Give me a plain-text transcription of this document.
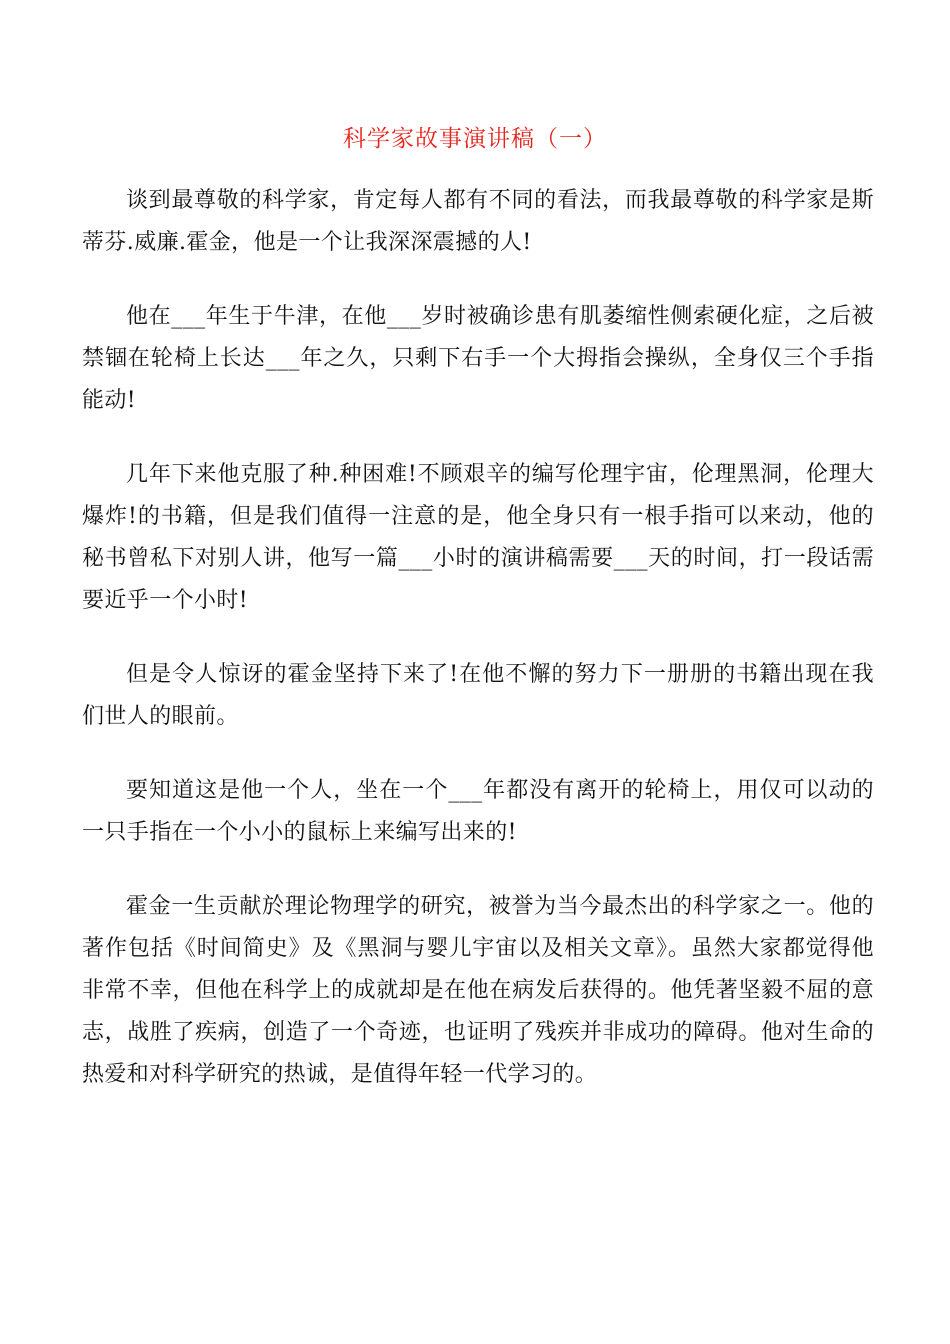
科学家故事演讲稿（一）

谈到最尊敬的科学家，肯定每人都有不同的看法，而我最尊敬的科学家是斯蒂芬.威廉.霍金，他是一个让我深深震撼的人!

他在___年生于牛津，在他___岁时被确诊患有肌萎缩性侧索硬化症，之后被禁锢在轮椅上长达___年之久，只剩下右手一个大拇指会操纵，全身仅三个手指能动!

几年下来他克服了种.种困难!不顾艰辛的编写伦理宇宙，伦理黑洞，伦理大爆炸!的书籍，但是我们值得一注意的是，他全身只有一根手指可以来动，他的秘书曾私下对别人讲，他写一篇___小时的演讲稿需要___天的时间，打一段话需要近乎一个小时!

但是令人惊讶的霍金坚持下来了!在他不懈的努力下一册册的书籍出现在我们世人的眼前。

要知道这是他一个人，坐在一个___年都没有离开的轮椅上，用仅可以动的一只手指在一个小小的鼠标上来编写出来的!

霍金一生贡献於理论物理学的研究，被誉为当今最杰出的科学家之一。他的著作包括《时间简史》及《黑洞与婴儿宇宙以及相关文章》。虽然大家都觉得他非常不幸，但他在科学上的成就却是在他在病发后获得的。他凭著坚毅不屈的意志，战胜了疾病，创造了一个奇迹，也证明了残疾并非成功的障碍。他对生命的热爱和对科学研究的热诚，是值得年轻一代学习的。
